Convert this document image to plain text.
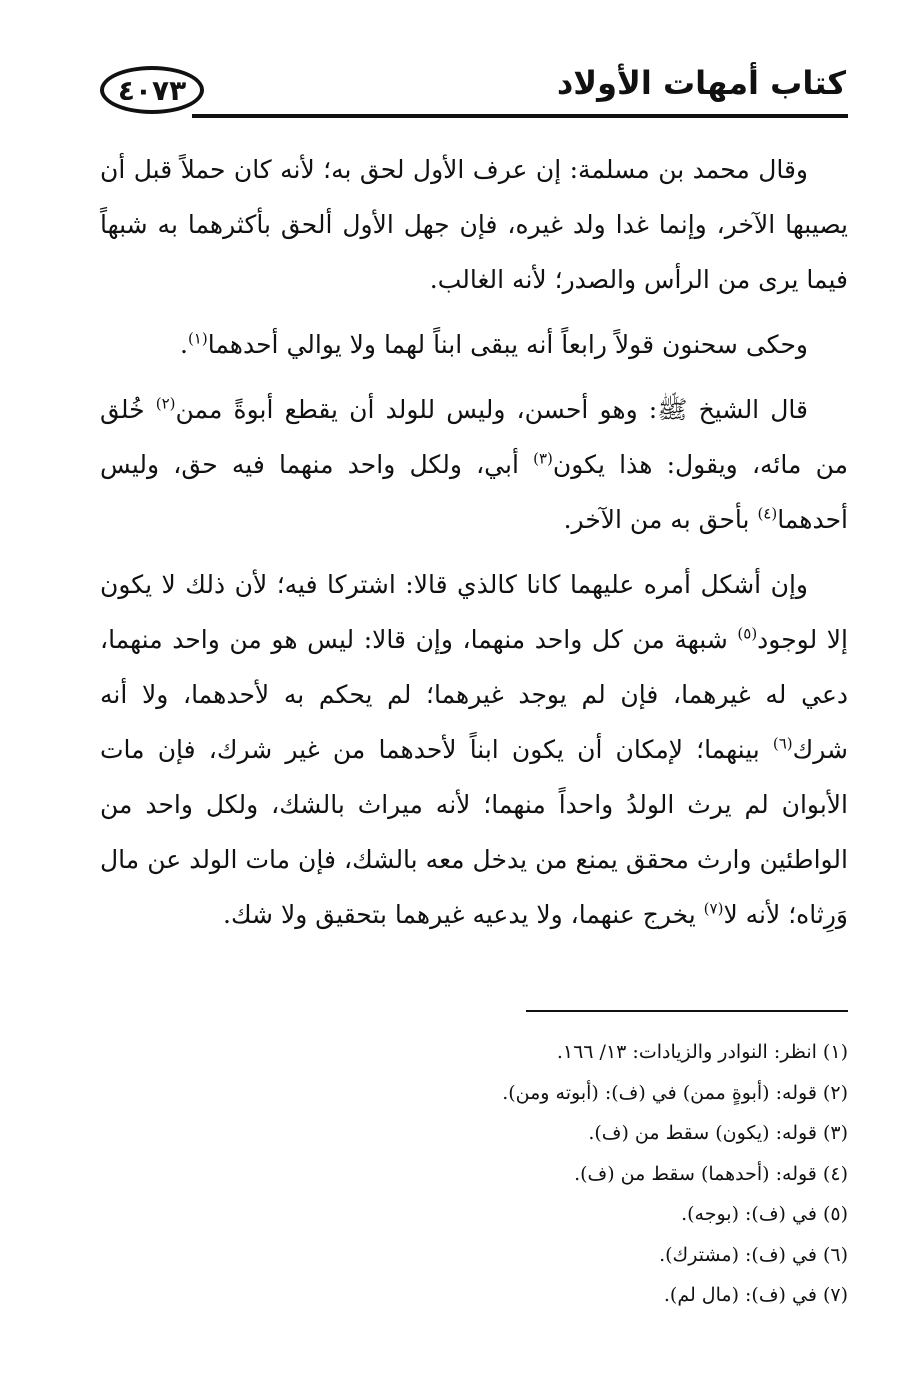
٤٠٧٣	كتاب أمهات الأولاد

وقال محمد بن مسلمة: إن عرف الأول لحق به؛ لأنه كان حملاً قبل أن يصيبها الآخر، وإنما غدا ولد غيره، فإن جهل الأول ألحق بأكثرهما به شبهاً فيما يرى من الرأس والصدر؛ لأنه الغالب.

وحكى سحنون قولاً رابعاً أنه يبقى ابناً لهما ولا يوالي أحدهما$^{(١)}$.

قال الشيخ ﷺ: وهو أحسن، وليس للولد أن يقطع أبوةً ممن$^{(٢)}$ خُلق من مائه، ويقول: هذا يكون$^{(٣)}$ أبي، ولكل واحد منهما فيه حق، وليس أحدهما$^{(٤)}$ بأحق به من الآخر.

وإن أشكل أمره عليهما كانا كالذي قالا: اشتركا فيه؛ لأن ذلك لا يكون إلا لوجود$^{(٥)}$ شبهة من كل واحد منهما، وإن قالا: ليس هو من واحد منهما، دعي له غيرهما، فإن لم يوجد غيرهما؛ لم يحكم به لأحدهما، ولا أنه شرك$^{(٦)}$ بينهما؛ لإمكان أن يكون ابناً لأحدهما من غير شرك، فإن مات الأبوان لم يرث الولدُ واحداً منهما؛ لأنه ميراث بالشك، ولكل واحد من الواطئين وارث محقق يمنع من يدخل معه بالشك، فإن مات الولد عن مال وَرِثاه؛ لأنه لا$^{(٧)}$ يخرج عنهما، ولا يدعيه غيرهما بتحقيق ولا شك.

(١) انظر: النوادر والزيادات: ١٣/ ١٦٦.
(٢) قوله: (أبوةٍ ممن) في (ف): (أبوته ومن).
(٣) قوله: (يكون) سقط من (ف).
(٤) قوله: (أحدهما) سقط من (ف).
(٥) في (ف): (بوجه).
(٦) في (ف): (مشترك).
(٧) في (ف): (مال لم).
